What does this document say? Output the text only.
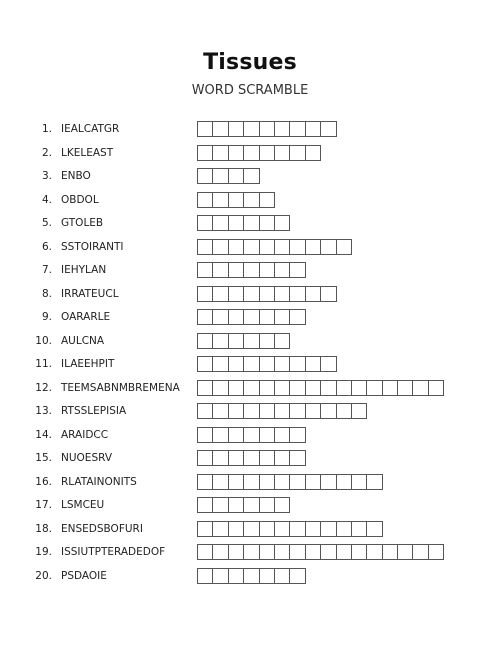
Tissues
WORD SCRAMBLE
1. IEALCATGR
2. LKELEAST
3. ENBO
4. OBDOL
5. GTOLEB
6. SSTOIRANTI
7. IEHYLAN
8. IRRATEUCL
9. OARARLE
10. AULCNA
11. ILAEEHPIT
12. TEEMSABNMBREMENA
13. RTSSLEPISIA
14. ARAIDCC
15. NUOESRV
16. RLATAINONITS
17. LSMCEU
18. ENSEDSBOFURI
19. ISSIUTPTERADEDOF
20. PSDAOIE
